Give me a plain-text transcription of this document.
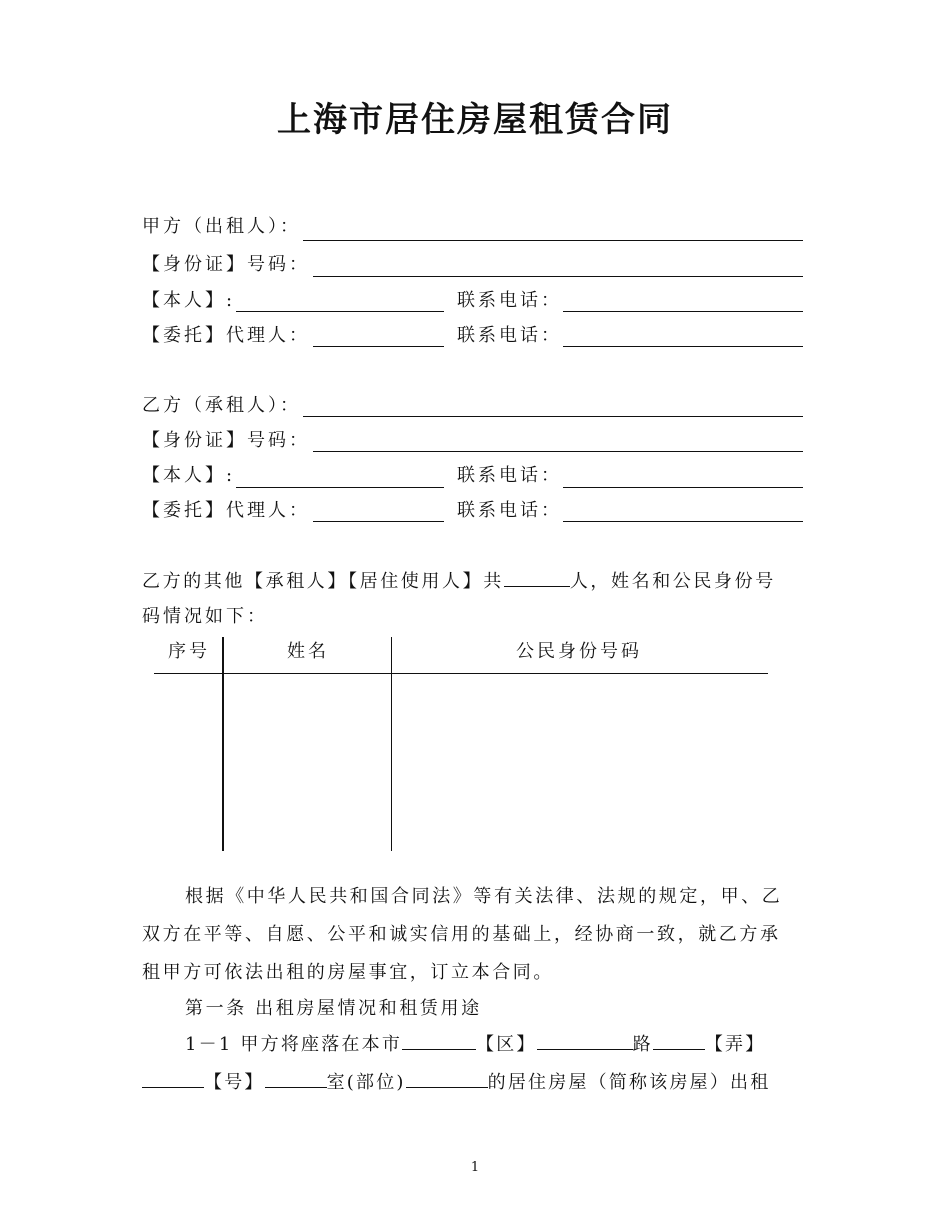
上海市居住房屋租赁合同
甲方（出租人）：
【身份证】号码：
【本人】:	联系电话：
【委托】代理人：	联系电话：
乙方（承租人）：
【身份证】号码：
【本人】:	联系电话：
【委托】代理人：	联系电话：
乙方的其他【承租人】【居住使用人】共	人，姓名和公民身份号
码情况如下：
序号	姓名	公民身份号码
根据《中华人民共和国合同法》等有关法律、法规的规定，甲、乙
双方在平等、自愿、公平和诚实信用的基础上，经协商一致，就乙方承
租甲方可依法出租的房屋事宜，订立本合同。
第一条 出租房屋情况和租赁用途
1－1 甲方将座落在本市	【区】	路	【弄】
【号】	室(部位)	的居住房屋（简称该房屋）出租
1
